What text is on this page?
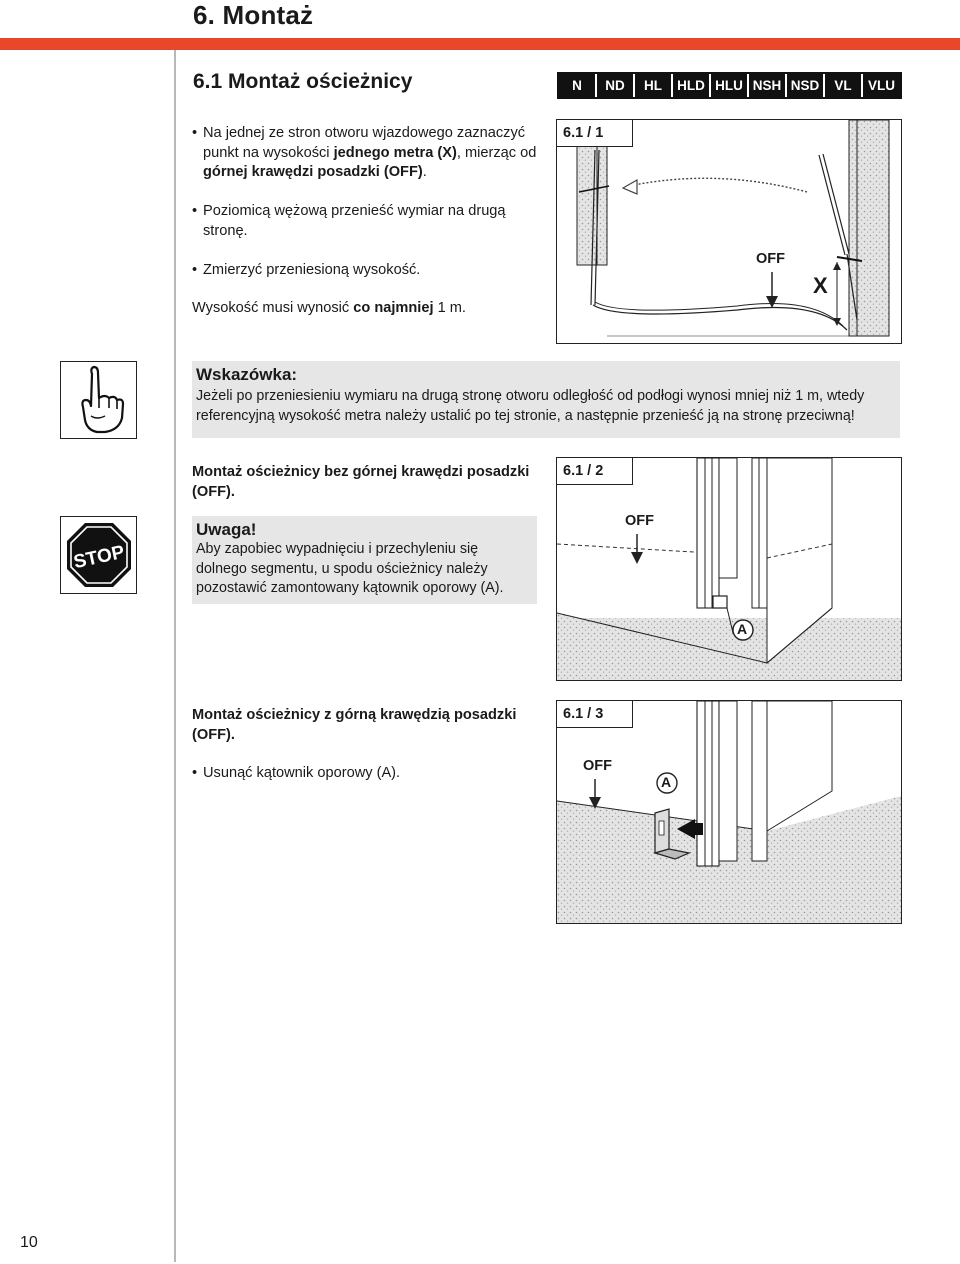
6. Montaż
6.1 Montaż ościeżnicy	N	ND	HL	HLD HLU NSH NSD	VL	VLU
• Na jednej ze stron otworu wjazdowego zaznaczyć punkt na wysokości jednego metra (X), mierząc od górnej krawędzi posadzki (OFF).
• Poziomicą wężową przenieść wymiar na drugą stronę.
• Zmierzyć przeniesioną wysokość.
Wysokość musi wynosić co najmniej 1 m.
6.1 / 1
OFF
X
Wskazówka:
Jeżeli po przeniesieniu wymiaru na drugą stronę otworu odległość od podłogi wynosi mniej niż 1 m, wtedy
referencyjną wysokość metra należy ustalić po tej stronie, a następnie przenieść ją na stronę przeciwną!
Montaż ościeżnicy bez górnej krawędzi posadzki
(OFF).
STOP
Uwaga!
Aby zapobiec wypadnięciu i przechyleniu się
dolnego segmentu, u spodu ościeżnicy należy
pozostawić zamontowany kątownik oporowy (A).
6.1 / 2
OFF
A
Montaż ościeżnicy z górną krawędzią posadzki
(OFF).
• Usunąć kątownik oporowy (A).
6.1 / 3
OFF
A
10
